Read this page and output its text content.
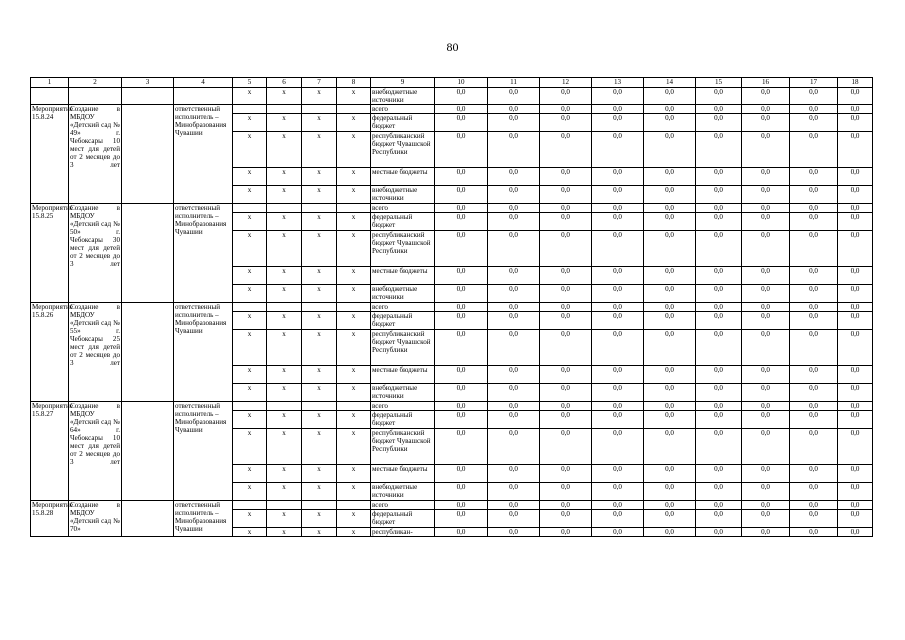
80
1	2	3	4	5	6	7	8	9	10	11	12	13	14	15	16	17	18
				x	x	x	x	внебюджетные источники	0,0	0,0	0,0	0,0	0,0	0,0	0,0	0,0	0,0
Мероприятие 15.8.24	Создание в МБДОУ «Детский сад № 49» г. Чебоксары 10 мест для детей от 2 месяцев до 3 лет		ответственный исполнитель – Минобразования Чувашии					всего	0,0	0,0	0,0	0,0	0,0	0,0	0,0	0,0	0,0
				x	x	x	x	федеральный бюджет	0,0	0,0	0,0	0,0	0,0	0,0	0,0	0,0	0,0
				x	x	x	x	республиканский бюджет Чувашской Республики	0,0	0,0	0,0	0,0	0,0	0,0	0,0	0,0	0,0
				x	x	x	x	местные бюджеты	0,0	0,0	0,0	0,0	0,0	0,0	0,0	0,0	0,0
				x	x	x	x	внебюджетные источники	0,0	0,0	0,0	0,0	0,0	0,0	0,0	0,0	0,0
Мероприятие 15.8.25	Создание в МБДОУ «Детский сад № 50» г. Чебоксары 30 мест для детей от 2 месяцев до 3 лет		ответственный исполнитель – Минобразования Чувашии					всего	0,0	0,0	0,0	0,0	0,0	0,0	0,0	0,0	0,0
				x	x	x	x	федеральный бюджет	0,0	0,0	0,0	0,0	0,0	0,0	0,0	0,0	0,0
				x	x	x	x	республиканский бюджет Чувашской Республики	0,0	0,0	0,0	0,0	0,0	0,0	0,0	0,0	0,0
				x	x	x	x	местные бюджеты	0,0	0,0	0,0	0,0	0,0	0,0	0,0	0,0	0,0
				x	x	x	x	внебюджетные источники	0,0	0,0	0,0	0,0	0,0	0,0	0,0	0,0	0,0
Мероприятие 15.8.26	Создание в МБДОУ «Детский сад № 55» г. Чебоксары 25 мест для детей от 2 месяцев до 3 лет		ответственный исполнитель – Минобразования Чувашии					всего	0,0	0,0	0,0	0,0	0,0	0,0	0,0	0,0	0,0
				x	x	x	x	федеральный бюджет	0,0	0,0	0,0	0,0	0,0	0,0	0,0	0,0	0,0
				x	x	x	x	республиканский бюджет Чувашской Республики	0,0	0,0	0,0	0,0	0,0	0,0	0,0	0,0	0,0
				x	x	x	x	местные бюджеты	0,0	0,0	0,0	0,0	0,0	0,0	0,0	0,0	0,0
				x	x	x	x	внебюджетные источники	0,0	0,0	0,0	0,0	0,0	0,0	0,0	0,0	0,0
Мероприятие 15.8.27	Создание в МБДОУ «Детский сад № 64» г. Чебоксары 10 мест для детей от 2 месяцев до 3 лет		ответственный исполнитель – Минобразования Чувашии					всего	0,0	0,0	0,0	0,0	0,0	0,0	0,0	0,0	0,0
				x	x	x	x	федеральный бюджет	0,0	0,0	0,0	0,0	0,0	0,0	0,0	0,0	0,0
				x	x	x	x	республиканский бюджет Чувашской Республики	0,0	0,0	0,0	0,0	0,0	0,0	0,0	0,0	0,0
				x	x	x	x	местные бюджеты	0,0	0,0	0,0	0,0	0,0	0,0	0,0	0,0	0,0
				x	x	x	x	внебюджетные источники	0,0	0,0	0,0	0,0	0,0	0,0	0,0	0,0	0,0
Мероприятие 15.8.28	Создание в МБДОУ «Детский сад № 70»		ответственный исполнитель – Минобразования Чувашии					всего	0,0	0,0	0,0	0,0	0,0	0,0	0,0	0,0	0,0
				x	x	x	x	федеральный бюджет	0,0	0,0	0,0	0,0	0,0	0,0	0,0	0,0	0,0
				x	x	x	x	республикан-	0,0	0,0	0,0	0,0	0,0	0,0	0,0	0,0	0,0
